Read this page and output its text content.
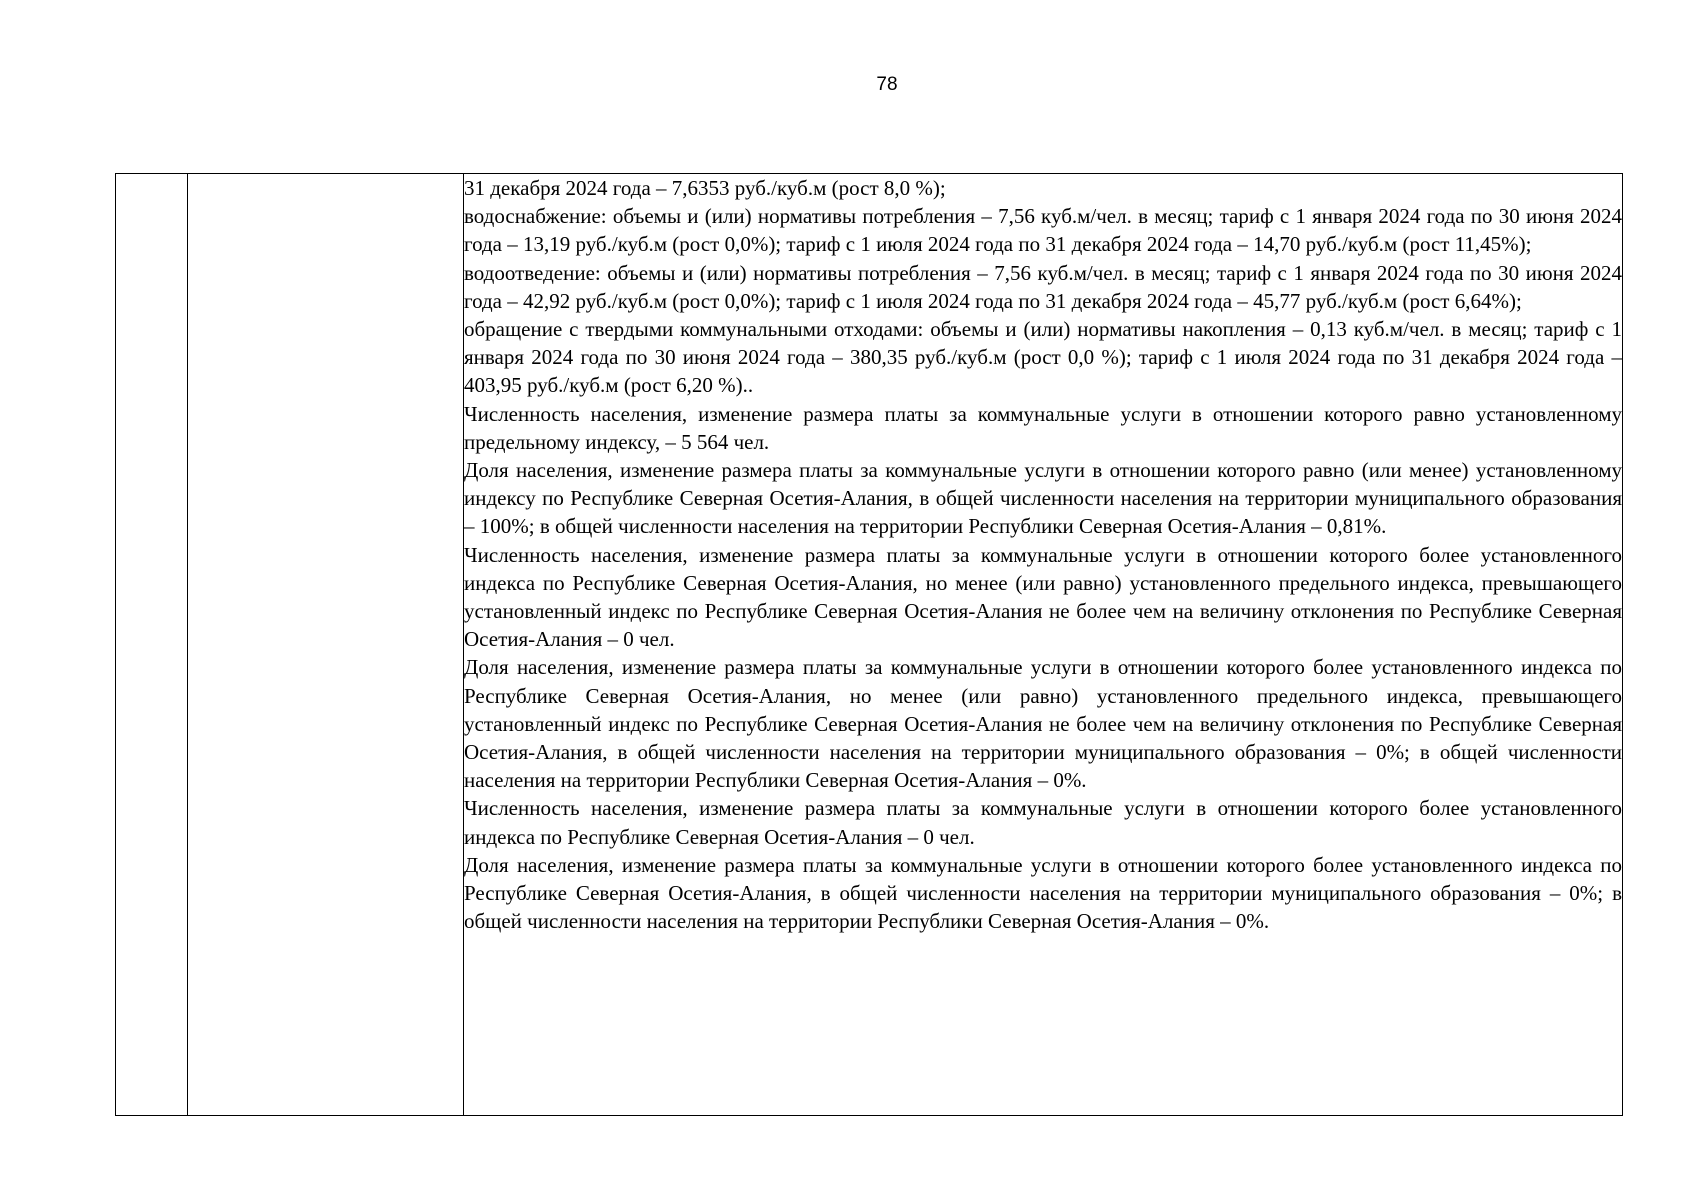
78

31 декабря 2024 года – 7,6353 руб./куб.м (рост 8,0 %);

водоснабжение: объемы и (или) нормативы потребления – 7,56 куб.м/чел. в месяц; тариф с 1 января 2024 года по 30 июня 2024 года – 13,19 руб./куб.м (рост 0,0%); тариф с 1 июля 2024 года по 31 декабря 2024 года – 14,70 руб./куб.м (рост 11,45%);

водоотведение: объемы и (или) нормативы потребления – 7,56 куб.м/чел. в месяц; тариф с 1 января 2024 года по 30 июня 2024 года – 42,92 руб./куб.м (рост 0,0%); тариф с 1 июля 2024 года по 31 декабря 2024 года – 45,77 руб./куб.м (рост 6,64%);

обращение с твердыми коммунальными отходами: объемы и (или) нормативы накопления – 0,13 куб.м/чел. в месяц; тариф с 1 января 2024 года по 30 июня 2024 года – 380,35 руб./куб.м (рост 0,0 %); тариф с 1 июля 2024 года по 31 декабря 2024 года – 403,95 руб./куб.м (рост 6,20 %)..

Численность населения, изменение размера платы за коммунальные услуги в отношении которого равно установленному предельному индексу, – 5 564 чел.

Доля населения, изменение размера платы за коммунальные услуги в отношении которого равно (или менее) установленному индексу по Республике Северная Осетия-Алания, в общей численности населения на территории муниципального образования – 100%; в общей численности населения на территории Республики Северная Осетия-Алания – 0,81%.

Численность населения, изменение размера платы за коммунальные услуги в отношении которого более установленного индекса по Республике Северная Осетия-Алания, но менее (или равно) установленного предельного индекса, превышающего установленный индекс по Республике Северная Осетия-Алания не более чем на величину отклонения по Республике Северная Осетия-Алания – 0 чел.

Доля населения, изменение размера платы за коммунальные услуги в отношении которого более установленного индекса по Республике Северная Осетия-Алания, но менее (или равно) установленного предельного индекса, превышающего установленный индекс по Республике Северная Осетия-Алания не более чем на величину отклонения по Республике Северная Осетия-Алания, в общей численности населения на территории муниципального образования – 0%; в общей численности населения на территории Республики Северная Осетия-Алания – 0%.

Численность населения, изменение размера платы за коммунальные услуги в отношении которого более установленного индекса по Республике Северная Осетия-Алания – 0 чел.

Доля населения, изменение размера платы за коммунальные услуги в отношении которого более установленного индекса по Республике Северная Осетия-Алания, в общей численности населения на территории муниципального образования – 0%; в общей численности населения на территории Республики Северная Осетия-Алания – 0%.
